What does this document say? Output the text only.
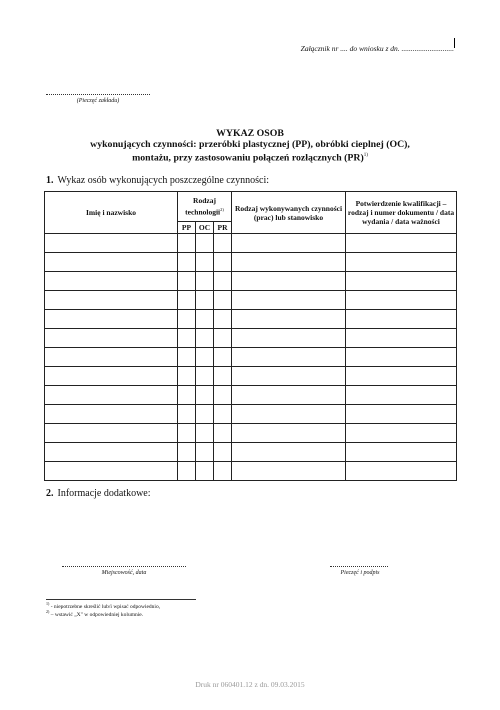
Załącznik nr .... do wniosku z dn. ............................
(Pieczęć zakładu)
WYKAZ OSOB
wykonujących czynności: przeróbki plastycznej (PP), obróbki cieplnej (OC),
montażu, przy zastosowaniu połączeń rozłącznych (PR)$^{1)}$
1. Wykaz osób wykonujących poszczególne czynności:
Imię i nazwisko	Rodzaj technologii$^{2)}$			Rodzaj wykonywanych czynności (prac) lub stanowisko	Potwierdzenie kwalifikacji – rodzaj i numer dokumentu / data wydania / data ważności
	PP	OC	PR		

2. Informacje dodatkowe:
Miejscowość, data	Pieczęć i podpis
$^{1)}$ - niepotrzebne skreślić lub/i wpisać odpowiednio,
$^{2)}$ – wstawić „X" w odpowiedniej kolumnie.
Druk nr 060401.12 z dn. 09.03.2015
